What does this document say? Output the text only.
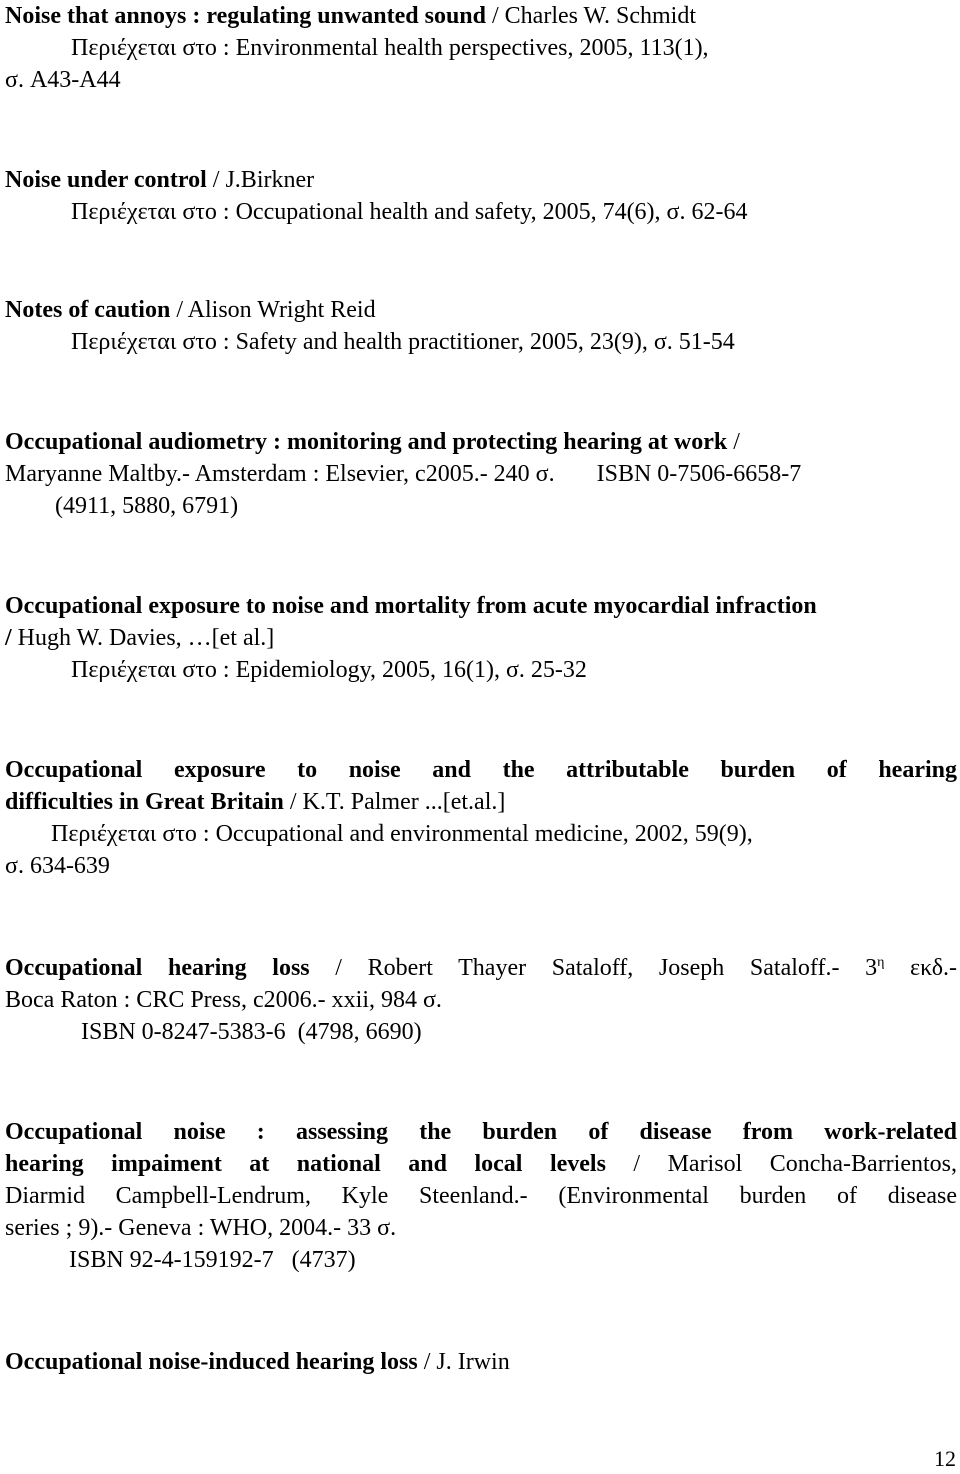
Noise that annoys : regulating unwanted sound / Charles W. Schmidt
Περιέχεται στο : Environmental health perspectives, 2005, 113(1),
σ. A43-A44
Noise under control / J.Birkner
Περιέχεται στο : Occupational health and safety, 2005, 74(6), σ. 62-64
Notes of caution / Alison Wright Reid
Περιέχεται στο : Safety and health practitioner, 2005, 23(9), σ. 51-54
Occupational audiometry : monitoring and protecting hearing at work /
Maryanne Maltby.- Amsterdam : Elsevier, c2005.- 240 σ. ISBN 0-7506-6658-7
(4911, 5880, 6791)
Occupational exposure to noise and mortality from acute myocardial infraction
/ Hugh W. Davies, …[et al.]
Περιέχεται στο : Epidemiology, 2005, 16(1), σ. 25-32
Occupational exposure to noise and the attributable burden of hearing
difficulties in Great Britain / K.T. Palmer ...[et.al.]
Περιέχεται στο : Occupational and environmental medicine, 2002, 59(9),
σ. 634-639
Occupational hearing loss / Robert Thayer Sataloff, Joseph Sataloff.- $3^\eta$ εκδ.-
Boca Raton : CRC Press, c2006.- xxii, 984 σ.
ISBN 0-8247-5383-6 (4798, 6690)
Occupational noise : assessing the burden of disease from work-related
hearing impaiment at national and local levels / Marisol Concha-Barrientos,
Diarmid Campbell-Lendrum, Kyle Steenland.- (Environmental burden of disease
series ; 9).- Geneva : WHO, 2004.- 33 σ.
ISBN 92-4-159192-7 (4737)
Occupational noise-induced hearing loss / J. Irwin
12
